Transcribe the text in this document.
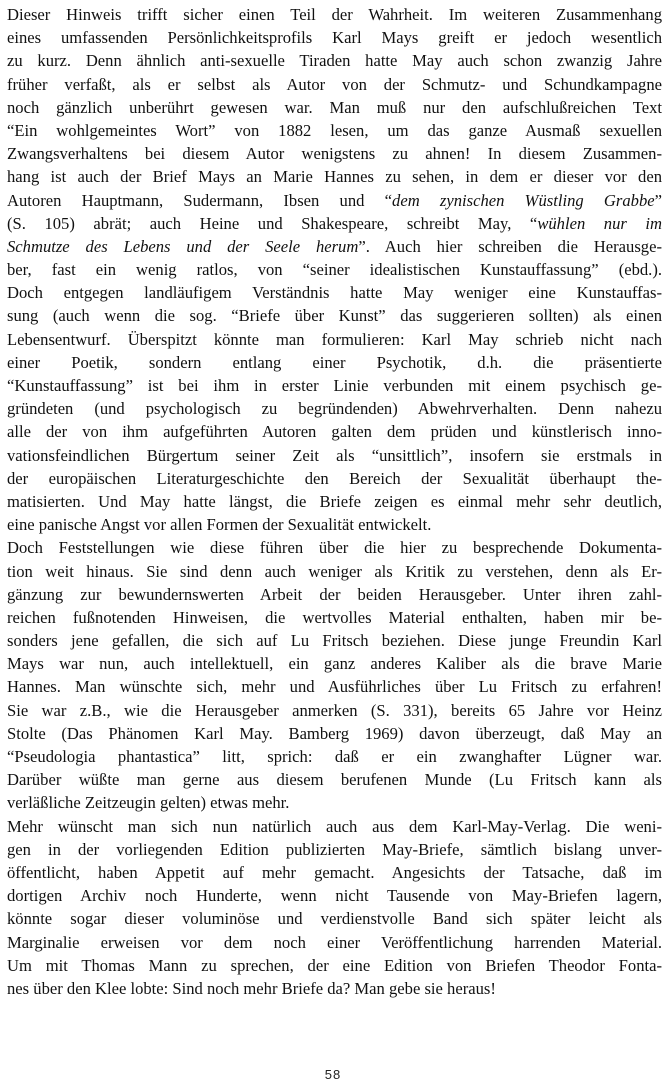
Dieser Hinweis trifft sicher einen Teil der Wahrheit. Im weiteren Zusammenhang
eines umfassenden Persönlichkeitsprofils Karl Mays greift er jedoch wesentlich
zu kurz. Denn ähnlich anti-sexuelle Tiraden hatte May auch schon zwanzig Jahre
früher verfaßt, als er selbst als Autor von der Schmutz- und Schundkampagne
noch gänzlich unberührt gewesen war. Man muß nur den aufschlußreichen Text
“Ein wohlgemeintes Wort” von 1882 lesen, um das ganze Ausmaß sexuellen
Zwangsverhaltens bei diesem Autor wenigstens zu ahnen! In diesem Zusammen-
hang ist auch der Brief Mays an Marie Hannes zu sehen, in dem er dieser vor den
Autoren Hauptmann, Sudermann, Ibsen und “dem zynischen Wüstling Grabbe”
(S. 105) abrät; auch Heine und Shakespeare, schreibt May, “wühlen nur im
Schmutze des Lebens und der Seele herum”. Auch hier schreiben die Herausge-
ber, fast ein wenig ratlos, von “seiner idealistischen Kunstauffassung” (ebd.).
Doch entgegen landläufigem Verständnis hatte May weniger eine Kunstauffas-
sung (auch wenn die sog. “Briefe über Kunst” das suggerieren sollten) als einen
Lebensentwurf. Überspitzt könnte man formulieren: Karl May schrieb nicht nach
einer Poetik, sondern entlang einer Psychotik, d.h. die präsentierte
“Kunstauffassung” ist bei ihm in erster Linie verbunden mit einem psychisch ge-
gründeten (und psychologisch zu begründenden) Abwehrverhalten. Denn nahezu
alle der von ihm aufgeführten Autoren galten dem prüden und künstlerisch inno-
vationsfeindlichen Bürgertum seiner Zeit als “unsittlich”, insofern sie erstmals in
der europäischen Literaturgeschichte den Bereich der Sexualität überhaupt the-
matisierten. Und May hatte längst, die Briefe zeigen es einmal mehr sehr deutlich,
eine panische Angst vor allen Formen der Sexualität entwickelt.
Doch Feststellungen wie diese führen über die hier zu besprechende Dokumenta-
tion weit hinaus. Sie sind denn auch weniger als Kritik zu verstehen, denn als Er-
gänzung zur bewundernswerten Arbeit der beiden Herausgeber. Unter ihren zahl-
reichen fußnotenden Hinweisen, die wertvolles Material enthalten, haben mir be-
sonders jene gefallen, die sich auf Lu Fritsch beziehen. Diese junge Freundin Karl
Mays war nun, auch intellektuell, ein ganz anderes Kaliber als die brave Marie
Hannes. Man wünschte sich, mehr und Ausführliches über Lu Fritsch zu erfahren!
Sie war z.B., wie die Herausgeber anmerken (S. 331), bereits 65 Jahre vor Heinz
Stolte (Das Phänomen Karl May. Bamberg 1969) davon überzeugt, daß May an
“Pseudologia phantastica” litt, sprich: daß er ein zwanghafter Lügner war.
Darüber wüßte man gerne aus diesem berufenen Munde (Lu Fritsch kann als
verläßliche Zeitzeugin gelten) etwas mehr.
Mehr wünscht man sich nun natürlich auch aus dem Karl-May-Verlag. Die weni-
gen in der vorliegenden Edition publizierten May-Briefe, sämtlich bislang unver-
öffentlicht, haben Appetit auf mehr gemacht. Angesichts der Tatsache, daß im
dortigen Archiv noch Hunderte, wenn nicht Tausende von May-Briefen lagern,
könnte sogar dieser voluminöse und verdienstvolle Band sich später leicht als
Marginalie erweisen vor dem noch einer Veröffentlichung harrenden Material.
Um mit Thomas Mann zu sprechen, der eine Edition von Briefen Theodor Fonta-
nes über den Klee lobte: Sind noch mehr Briefe da? Man gebe sie heraus!
58
